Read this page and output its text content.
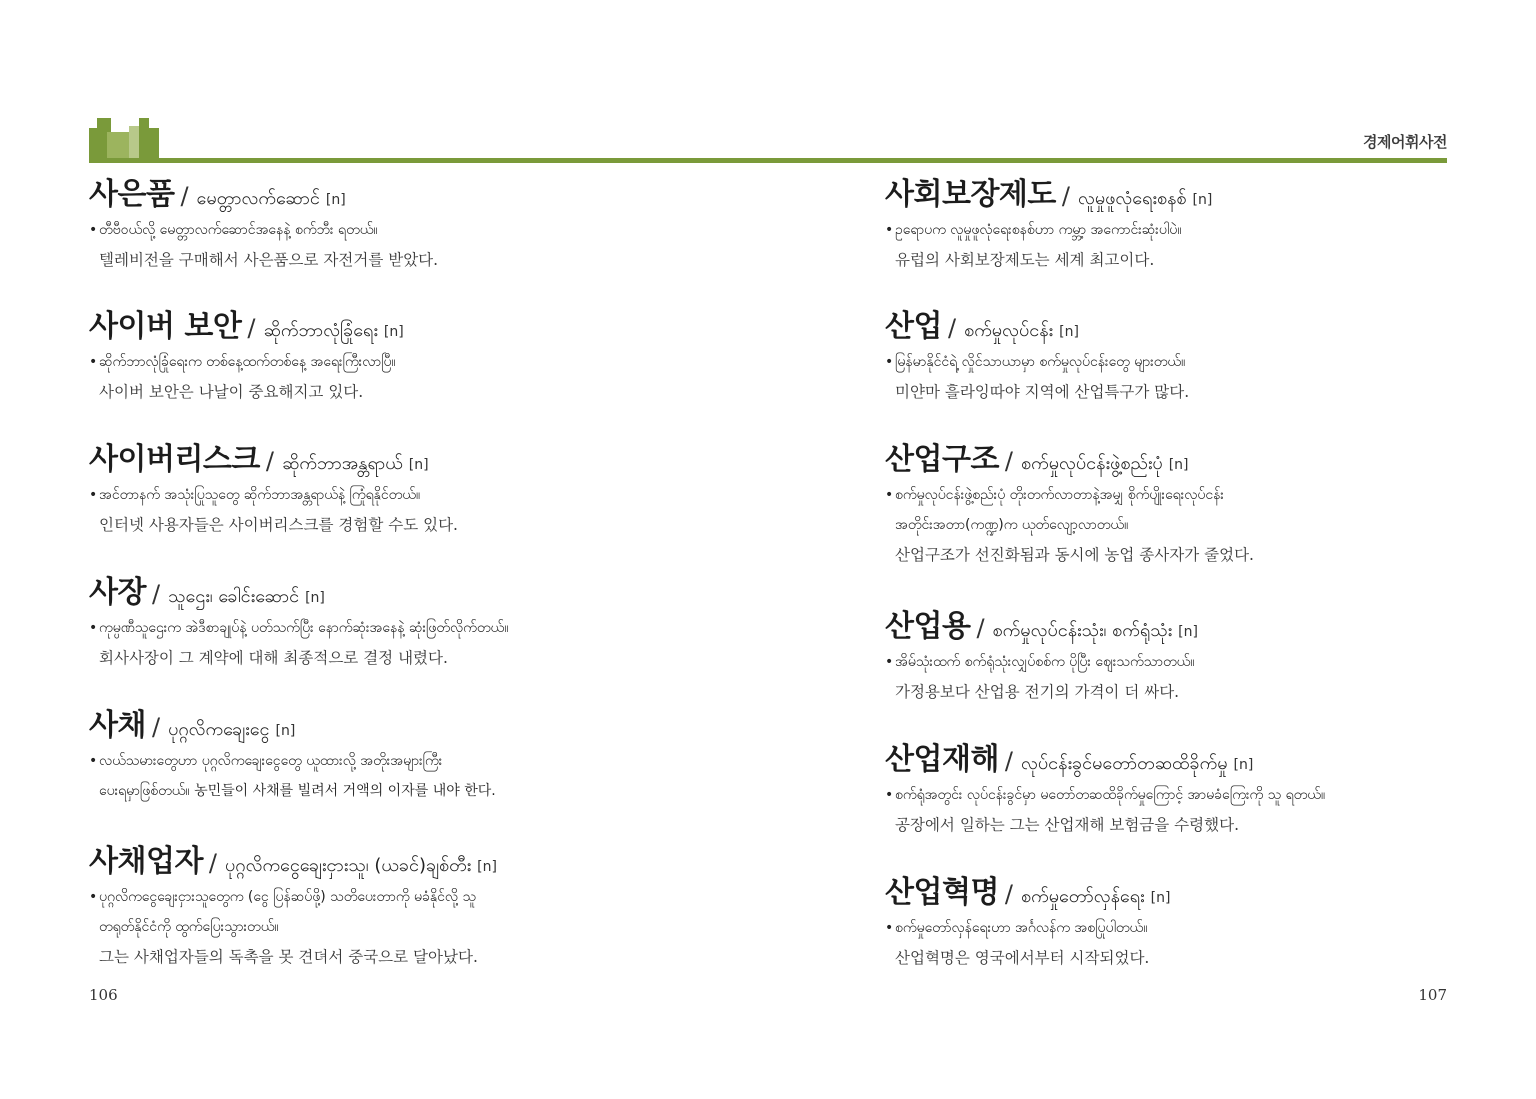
경제어휘사전
사은품 / မေတ္တာလက်ဆောင် [n]
• တီဗီဝယ်လို့ မေတ္တာလက်ဆောင်အနေနဲ့ စက်ဘီး ရတယ်။
텔레비전을 구매해서 사은품으로 자전거를 받았다.
사이버 보안 / ဆိုက်ဘာလုံခြုံရေး [n]
• ဆိုက်ဘာလုံခြုံရေးက တစ်နေ့ထက်တစ်နေ့ အရေးကြီးလာပြီ။
사이버 보안은 나날이 중요해지고 있다.
사이버리스크 / ဆိုက်ဘာအန္တရာယ် [n]
• အင်တာနက် အသုံးပြုသူတွေ ဆိုက်ဘာအန္တရာယ်နဲ့ ကြုံရနိုင်တယ်။
인터넷 사용자들은 사이버리스크를 경험할 수도 있다.
사장 / သူဌေး၊ ခေါင်းဆောင် [n]
• ကုမ္ပဏီသူဌေးက အဲဒီစာချုပ်နဲ့ ပတ်သက်ပြီး နောက်ဆုံးအနေနဲ့ ဆုံးဖြတ်လိုက်တယ်။
회사사장이 그 계약에 대해 최종적으로 결정 내렸다.
사채 / ပုဂ္ဂလိကချေးငွေ [n]
• လယ်သမားတွေဟာ ပုဂ္ဂလိကချေးငွေတွေ ယူထားလို့ အတိုးအများကြီး
ပေးရမှာဖြစ်တယ်။ 농민들이 사채를 빌려서 거액의 이자를 내야 한다.
사채업자 / ပုဂ္ဂလိကငွေချေးငှားသူ၊ (ယခင်)ချစ်တီး [n]
• ပုဂ္ဂလိကငွေချေးငှားသူတွေက (ငွေ ပြန်ဆပ်ဖို့) သတိပေးတာကို မခံနိုင်လို့ သူ
တရုတ်နိုင်ငံကို ထွက်ပြေးသွားတယ်။
그는 사채업자들의 독촉을 못 견뎌서 중국으로 달아났다.
106
사회보장제도 / လူမှုဖူလုံရေးစနစ် [n]
• ဥရောပက လူမှုဖူလုံရေးစနစ်ဟာ ကမ္ဘာ့ အကောင်းဆုံးပါပဲ။
유럽의 사회보장제도는 세계 최고이다.
산업 / စက်မှုလုပ်ငန်း [n]
• မြန်မာနိုင်ငံရဲ့ လှိုင်သာယာမှာ စက်မှုလုပ်ငန်းတွေ များတယ်။
미얀마 흘라잉따야 지역에 산업특구가 많다.
산업구조 / စက်မှုလုပ်ငန်းဖွဲ့စည်းပုံ [n]
• စက်မှုလုပ်ငန်းဖွဲ့စည်းပုံ တိုးတက်လာတာနဲ့အမျှ စိုက်ပျိုးရေးလုပ်ငန်း
အတိုင်းအတာ(ကဏ္ဍ)က ယုတ်လျော့လာတယ်။
산업구조가 선진화됨과 동시에 농업 종사자가 줄었다.
산업용 / စက်မှုလုပ်ငန်းသုံး၊ စက်ရုံသုံး [n]
• အိမ်သုံးထက် စက်ရုံသုံးလျှပ်စစ်က ပိုပြီး ဈေးသက်သာတယ်။
가정용보다 산업용 전기의 가격이 더 싸다.
산업재해 / လုပ်ငန်းခွင်မတော်တဆထိခိုက်မှု [n]
• စက်ရုံအတွင်း လုပ်ငန်းခွင်မှာ မတော်တဆထိခိုက်မှုကြောင့် အာမခံကြေးကို သူ ရတယ်။
공장에서 일하는 그는 산업재해 보험금을 수령했다.
산업혁명 / စက်မှုတော်လှန်ရေး [n]
• စက်မှုတော်လှန်ရေးဟာ အင်္ဂလန်က အစပြုပါတယ်။
산업혁명은 영국에서부터 시작되었다.
107
